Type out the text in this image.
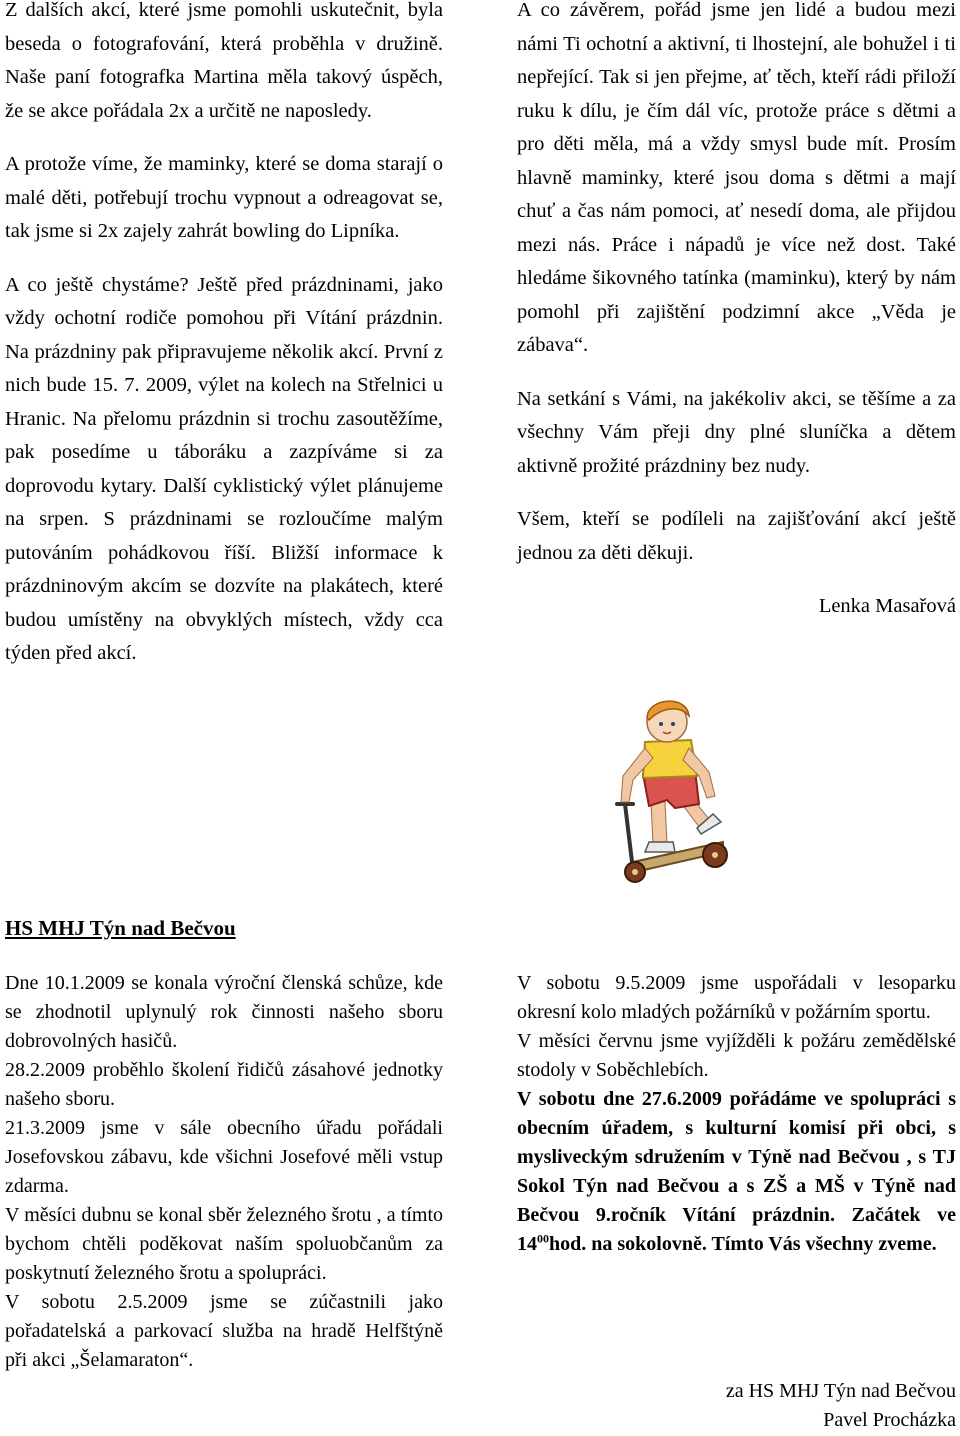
Z dalších akcí, které jsme pomohli uskutečnit, byla beseda o fotografování, která proběhla v družině. Naše paní fotografka Martina měla takový úspěch, že se akce pořádala 2x a určitě ne naposledy.

A protože víme, že maminky, které se doma starají o malé děti, potřebují trochu vypnout a odreagovat se, tak jsme si 2x zajely zahrát bowling do Lipníka.

A co ještě chystáme? Ještě před prázdninami, jako vždy ochotní rodiče pomohou při Vítání prázdnin. Na prázdniny pak připravujeme několik akcí. První z nich bude 15. 7. 2009, výlet na kolech na Střelnici u Hranic. Na přelomu prázdnin si trochu zasoutěžíme, pak posedíme u táboráku a zazpíváme si za doprovodu kytary. Další cyklistický výlet plánujeme na srpen. S prázdninami se rozloučíme malým putováním pohádkovou říší. Bližší informace k prázdninovým akcím se dozvíte na plakátech, které budou umístěny na obvyklých místech, vždy cca týden před akcí.

A co závěrem, pořád jsme jen lidé a budou mezi námi Ti ochotní a aktivní, ti lhostejní, ale bohužel i ti nepřející. Tak si jen přejme, ať těch, kteří rádi přiloží ruku k dílu, je čím dál víc, protože práce s dětmi a pro děti měla, má a vždy smysl bude mít. Prosím hlavně maminky, které jsou doma s dětmi a mají chuť a čas nám pomoci, ať nesedí doma, ale přijdou mezi nás. Práce i nápadů je více než dost. Také hledáme šikovného tatínka (maminku), který by nám pomohl při zajištění podzimní akce „Věda je zábava“.

Na setkání s Vámi, na jakékoliv akci, se těšíme a za všechny Vám přeji dny plné sluníčka a dětem aktivně prožité prázdniny bez nudy.

Všem, kteří se podíleli na zajišťování akcí ještě jednou za děti děkuji.

Lenka Masařová

HS MHJ Týn nad Bečvou

Dne 10.1.2009 se konala výroční členská schůze, kde se zhodnotil uplynulý rok činnosti našeho sboru dobrovolných hasičů.

28.2.2009 proběhlo školení řidičů zásahové jednotky našeho sboru.

21.3.2009 jsme v sále obecního úřadu pořádali Josefovskou zábavu, kde všichni Josefové měli vstup zdarma.

V měsíci dubnu se konal sběr železného šrotu , a tímto bychom chtěli poděkovat naším spoluobčanům za poskytnutí železného šrotu a spolupráci.

V sobotu 2.5.2009 jsme se zúčastnili jako pořadatelská a parkovací služba na hradě Helfštýně při akci „Šelamaraton“.

V sobotu 9.5.2009 jsme uspořádali v lesoparku okresní kolo mladých požárníků v požárním sportu.

V měsíci červnu jsme vyjížděli k požáru zemědělské stodoly v Soběchlebích.

V sobotu dne 27.6.2009 pořádáme ve spolupráci s obecním úřadem, s kulturní komisí při obci, s mysliveckým sdružením v Týně nad Bečvou , s TJ Sokol Týn nad Bečvou a s ZŠ a MŠ v Týně nad Bečvou 9.ročník Vítání prázdnin. Začátek ve $14^{00}hod$. na sokolovně. Tímto Vás všechny zveme.

za HS MHJ Týn nad Bečvou

Pavel Procházka
